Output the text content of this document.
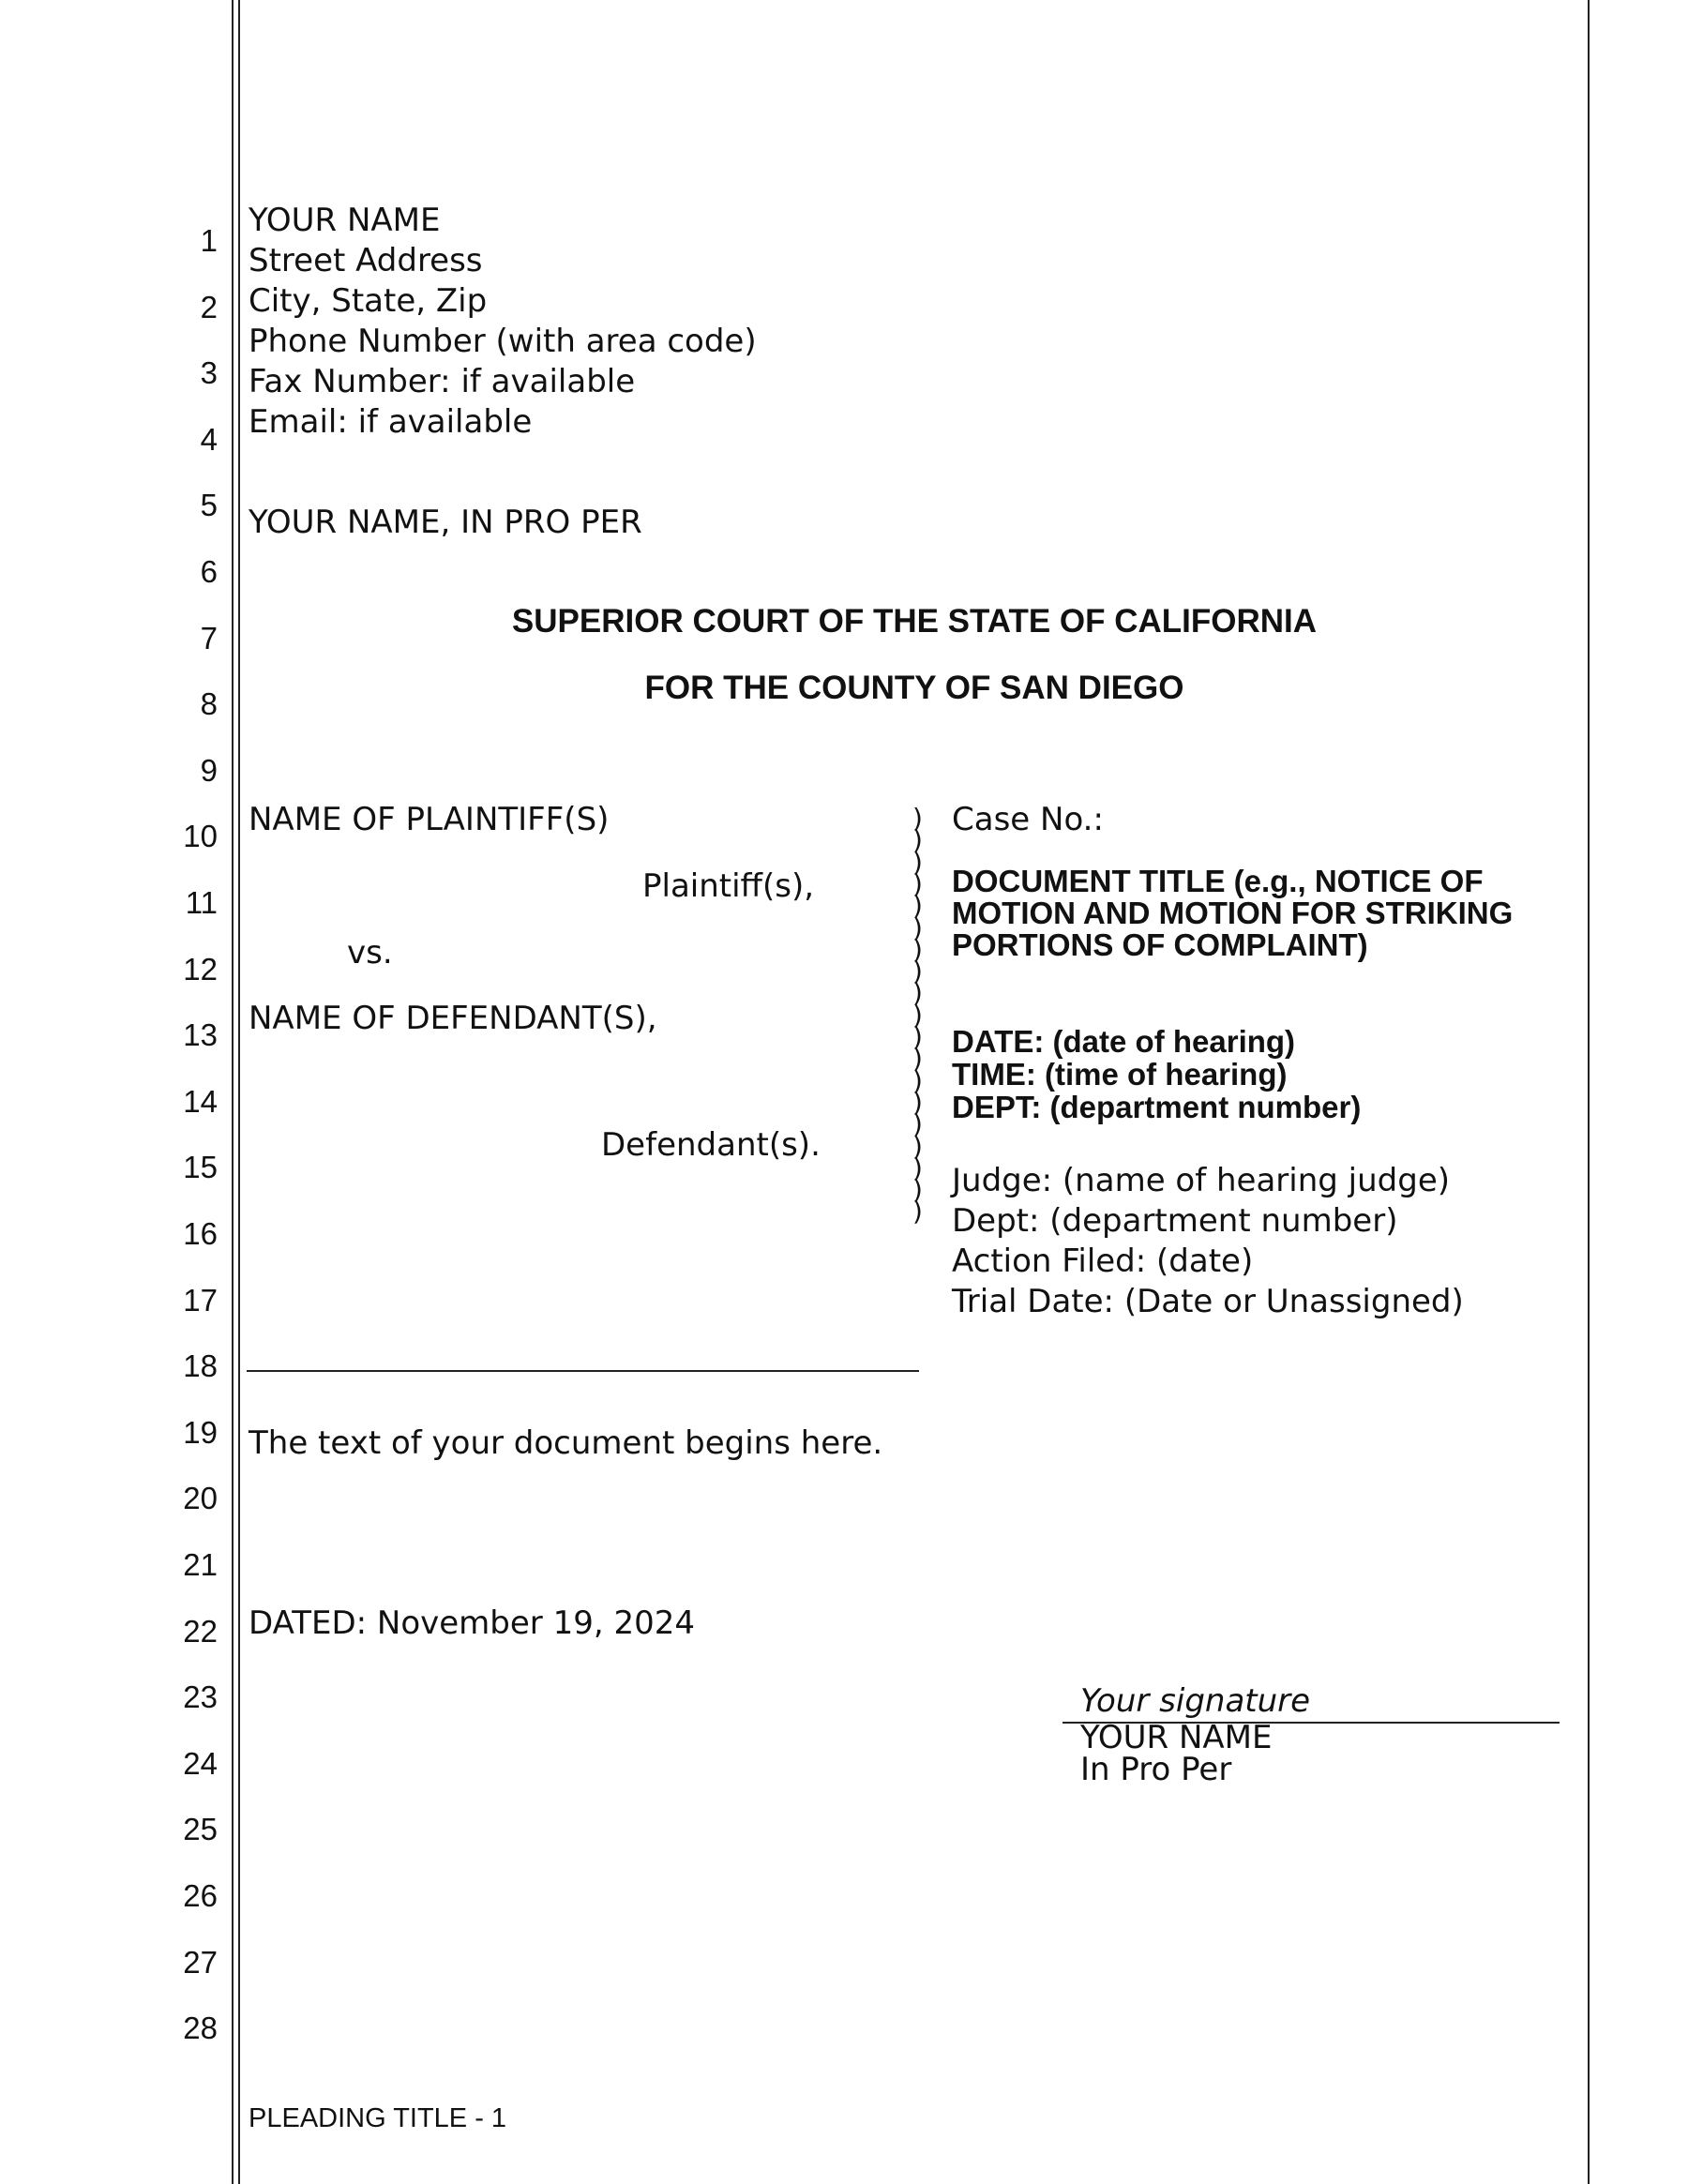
1
2
3
4
5
6
7
8
9
10
11
12
13
14
15
16
17
18
19
20
21
22
23
24
25
26
27
28
YOUR NAME
Street Address
City, State, Zip
Phone Number (with area code)
Fax Number: if available
Email: if available
YOUR NAME, IN PRO PER
SUPERIOR COURT OF THE STATE OF CALIFORNIA
FOR THE COUNTY OF SAN DIEGO
NAME OF PLAINTIFF(S)
Plaintiff(s),
vs.
NAME OF DEFENDANT(S),
Defendant(s).
)
)
)
)
)
)
)
)
)
)
)
)
)
)
)
)
)
)
)
Case No.:
DOCUMENT TITLE (e.g., NOTICE OF
MOTION AND MOTION FOR STRIKING
PORTIONS OF COMPLAINT)
DATE: (date of hearing)
TIME: (time of hearing)
DEPT: (department number)
Judge: (name of hearing judge)
Dept: (department number)
Action Filed: (date)
Trial Date: (Date or Unassigned)
The text of your document begins here.
DATED: November 19, 2024
Your signature
YOUR NAME
In Pro Per
PLEADING TITLE - 1
